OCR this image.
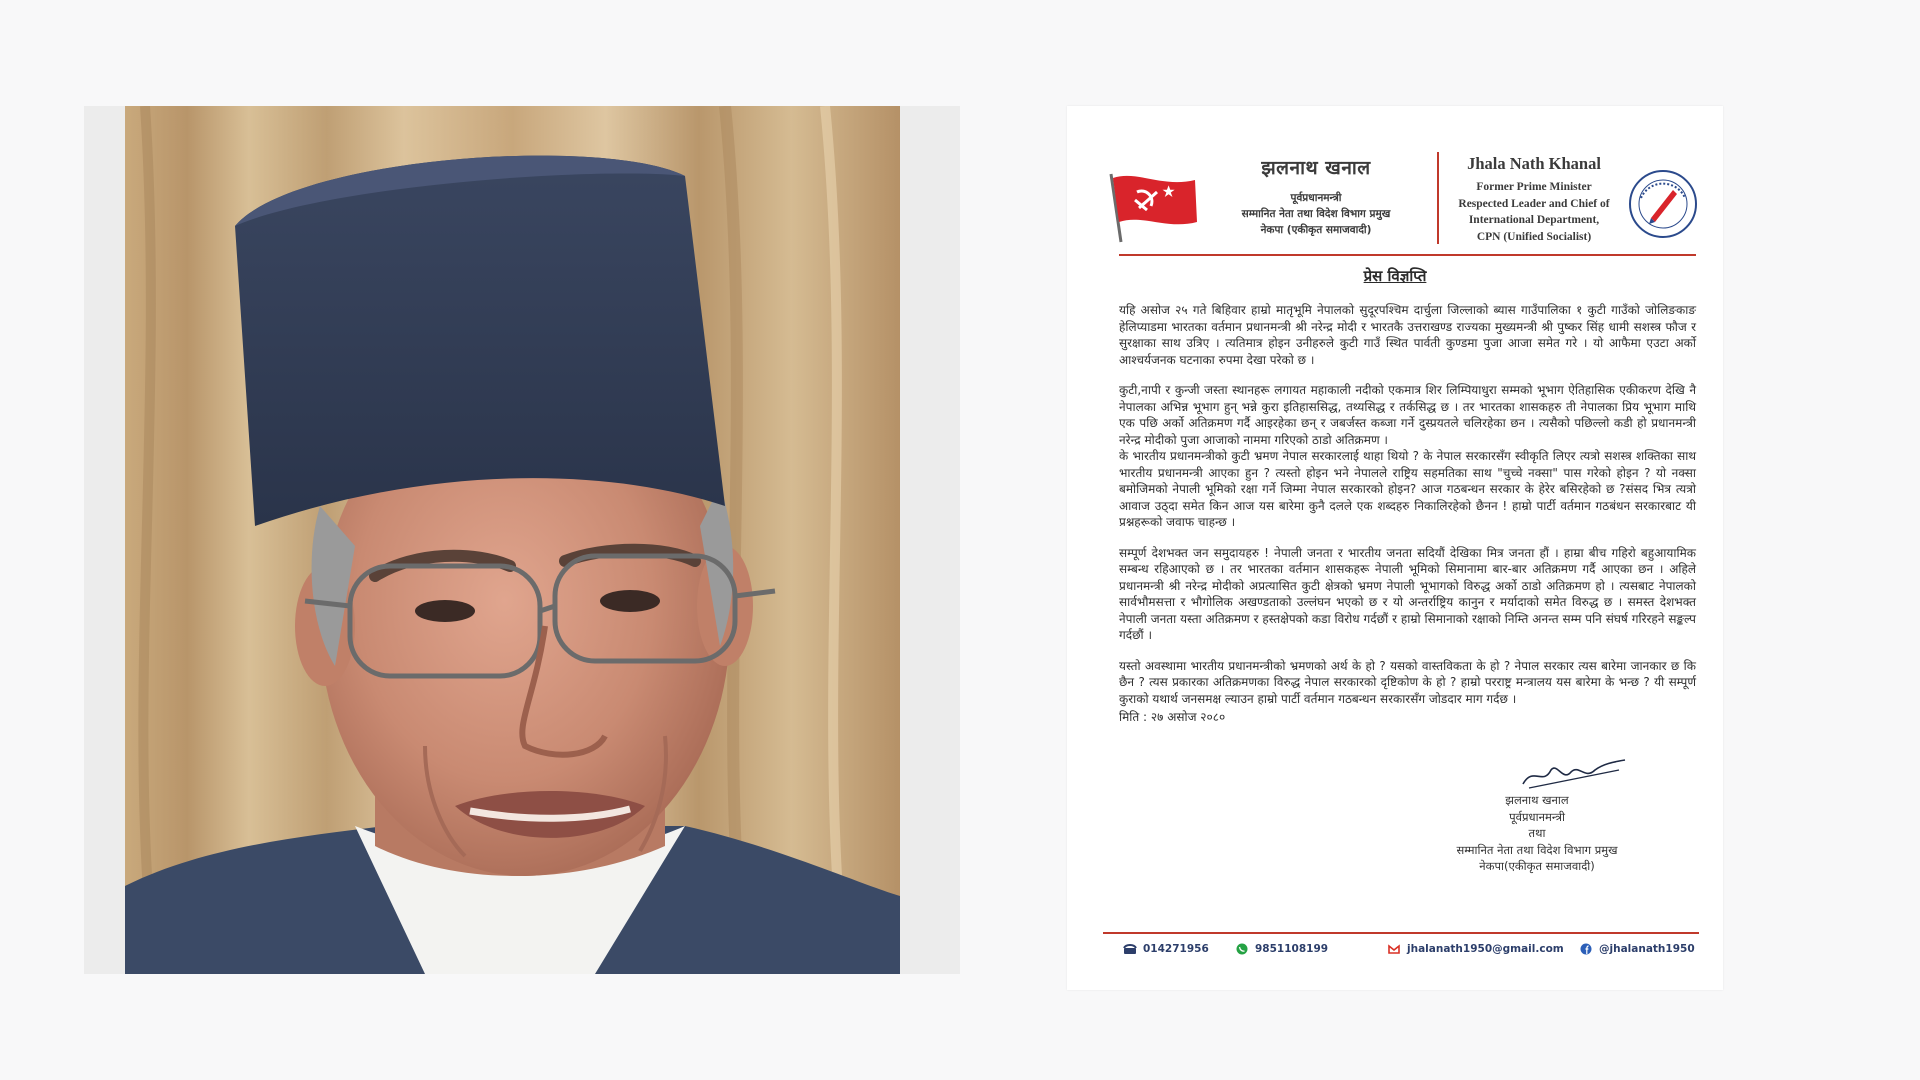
झलनाथ खनाल
पूर्वप्रधानमन्त्री
सम्मानित नेता तथा विदेश विभाग प्रमुख
नेकपा (एकीकृत समाजवादी)
Jhala Nath Khanal
Former Prime Minister
Respected Leader and Chief of
International Department,
CPN (Unified Socialist)
प्रेस विज्ञप्ति

यहि असोज २५ गते बिहिवार हाम्रो मातृभूमि नेपालको सुदूरपश्चिम दार्चुला जिल्लाको ब्यास गाउँपालिका १ कुटी गाउँको जोलिङकाङ हेलिप्याडमा भारतका वर्तमान प्रधानमन्त्री श्री नरेन्द्र मोदी र भारतकै उत्तराखण्ड राज्यका मुख्यमन्त्री श्री पुष्कर सिंह धामी सशस्त्र फौज र सुरक्षाका साथ उत्रिए । त्यतिमात्र होइन उनीहरुले कुटी गाउँ स्थित पार्वती कुण्डमा पुजा आजा समेत गरे । यो आफैमा एउटा अर्को आश्चर्यजनक घटनाका रुपमा देखा परेको छ ।

कुटी,नापी र कुन्जी जस्ता स्थानहरू लगायत महाकाली नदीको एकमात्र शिर लिम्पियाधुरा सम्मको भूभाग ऐतिहासिक एकीकरण देखि नै नेपालका अभिन्न भूभाग हुन् भन्ने कुरा इतिहाससिद्ध, तथ्यसिद्ध र तर्कसिद्ध छ । तर भारतका शासकहरु ती नेपालका प्रिय भूभाग माथि एक पछि अर्को अतिक्रमण गर्दै आइरहेका छन् र जबर्जस्त कब्जा गर्ने दुस्प्रयतले चलिरहेका छन । त्यसैको पछिल्लो कडी हो प्रधानमन्त्री नरेन्द्र मोदीको पुजा आजाको नाममा गरिएको ठाडो अतिक्रमण ।

के भारतीय प्रधानमन्त्रीको कुटी भ्रमण नेपाल सरकारलाई थाहा थियो ? के नेपाल सरकारसँग स्वीकृति लिएर त्यत्रो सशस्त्र शक्तिका साथ भारतीय प्रधानमन्त्री आएका हुन ? त्यस्तो होइन भने नेपालले राष्ट्रिय सहमतिका साथ "चुच्चे नक्सा" पास गरेको होइन ? यो नक्सा बमोजिमको नेपाली भूमिको रक्षा गर्ने जिम्मा नेपाल सरकारको होइन? आज गठबन्धन सरकार के हेरेर बसिरहेको छ ?संसद भित्र त्यत्रो आवाज उठ्दा समेत किन आज यस बारेमा कुनै दलले एक शब्दहरु निकालिरहेको छैनन ! हाम्रो पार्टी वर्तमान गठबंधन सरकारबाट यी प्रश्नहरूको जवाफ चाहन्छ ।

सम्पूर्ण देशभक्त जन समुदायहरु ! नेपाली जनता र भारतीय जनता सदियौं देखिका मित्र जनता हौं । हाम्रा बीच गहिरो बहुआयामिक सम्बन्ध रहिआएको छ । तर भारतका वर्तमान शासकहरू नेपाली भूमिको सिमानामा बार-बार अतिक्रमण गर्दै आएका छन । अहिले प्रधानमन्त्री श्री नरेन्द्र मोदीको अप्रत्यासित कुटी क्षेत्रको भ्रमण नेपाली भूभागको विरुद्ध अर्को ठाडो अतिक्रमण हो । त्यसबाट नेपालको सार्वभौमसत्ता र भौगोलिक अखण्डताको उल्लंघन भएको छ र यो अन्तर्राष्ट्रिय कानुन र मर्यादाको समेत विरुद्ध छ । समस्त देशभक्त नेपाली जनता यस्ता अतिक्रमण र हस्तक्षेपको कडा विरोध गर्दछौं र हाम्रो सिमानाको रक्षाको निम्ति अनन्त सम्म पनि संघर्ष गरिरहने सङ्कल्प गर्दछौं ।

यस्तो अवस्थामा भारतीय प्रधानमन्त्रीको भ्रमणको अर्थ के हो ? यसको वास्तविकता के हो ? नेपाल सरकार त्यस बारेमा जानकार छ कि छैन ? त्यस प्रकारका अतिक्रमणका विरुद्ध नेपाल सरकारको दृष्टिकोण के हो ? हाम्रो परराष्ट्र मन्त्रालय यस बारेमा के भन्छ ? यी सम्पूर्ण कुराको यथार्थ जनसमक्ष ल्याउन हाम्रो पार्टी वर्तमान गठबन्धन सरकारसँग जोडदार माग गर्दछ ।

मिति : २७ असोज २०८०

झलनाथ खनाल
पूर्वप्रधानमन्त्री
तथा
सम्मानित नेता तथा विदेश विभाग प्रमुख
नेकपा(एकीकृत समाजवादी)
014271956	9851108199	jhalanath1950@gmail.com	@jhalanath1950
